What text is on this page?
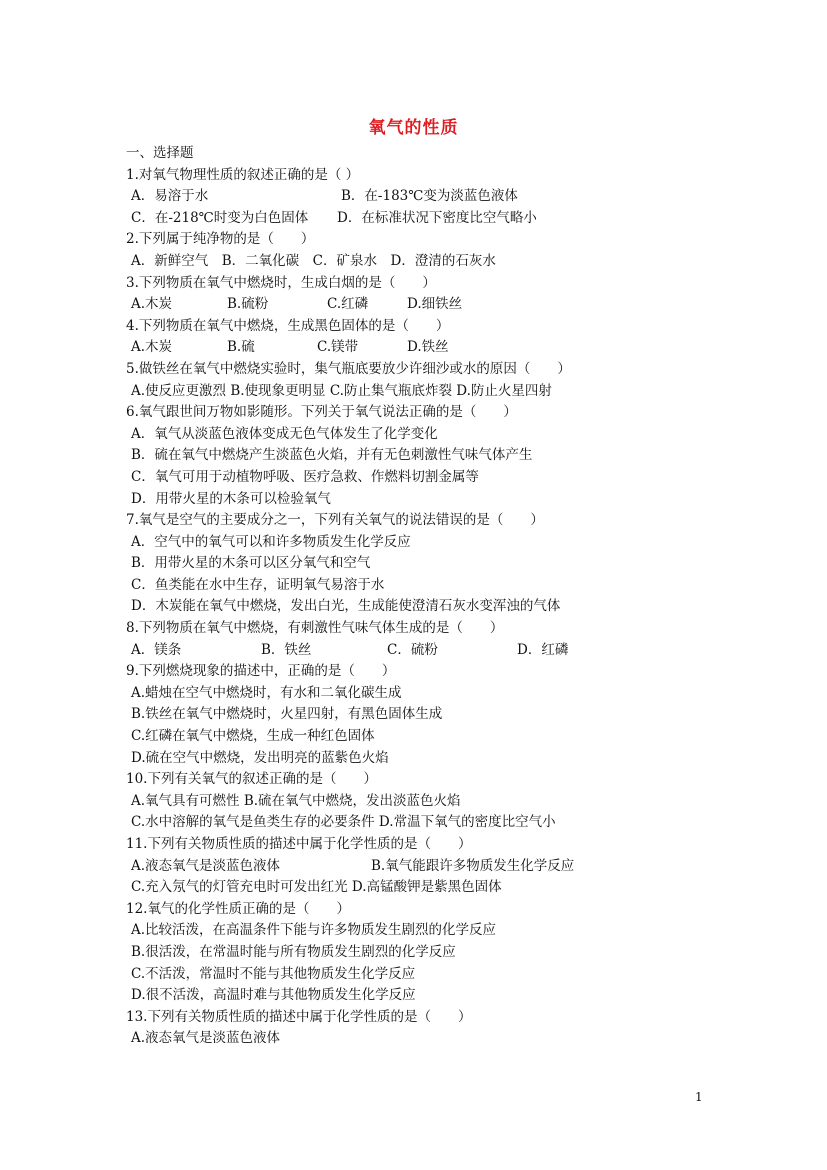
氧气的性质
一、选择题
1.对氧气物理性质的叙述正确的是（ ）
A．易溶于水	B．在-183℃变为淡蓝色液体
C．在-218℃时变为白色固体	D．在标准状况下密度比空气略小
2.下列属于纯净物的是（　　）
A．新鲜空气　B．二氧化碳　C．矿泉水　D．澄清的石灰水
3.下列物质在氧气中燃烧时，生成白烟的是（　　）
A.木炭	B.硫粉	C.红磷	D.细铁丝
4.下列物质在氧气中燃烧，生成黑色固体的是（　　）
A.木炭	B.硫	C.镁带	D.铁丝
5.做铁丝在氧气中燃烧实验时，集气瓶底要放少许细沙或水的原因（　　）
A.使反应更激烈 B.使现象更明显 C.防止集气瓶底炸裂 D.防止火星四射
6.氧气跟世间万物如影随形。下列关于氧气说法正确的是（　　）
A．氧气从淡蓝色液体变成无色气体发生了化学变化
B．硫在氧气中燃烧产生淡蓝色火焰，并有无色刺激性气味气体产生
C．氧气可用于动植物呼吸、医疗急救、作燃料切割金属等
D．用带火星的木条可以检验氧气
7.氧气是空气的主要成分之一，下列有关氧气的说法错误的是（　　）
A．空气中的氧气可以和许多物质发生化学反应
B．用带火星的木条可以区分氧气和空气
C．鱼类能在水中生存，证明氧气易溶于水
D．木炭能在氧气中燃烧，发出白光，生成能使澄清石灰水变浑浊的气体
8.下列物质在氧气中燃烧，有刺激性气味气体生成的是（　　）
A．镁条	B．铁丝	C．硫粉	D．红磷
9.下列燃烧现象的描述中，正确的是（　　）
A.蜡烛在空气中燃烧时，有水和二氧化碳生成
B.铁丝在氧气中燃烧时，火星四射，有黑色固体生成
C.红磷在氧气中燃烧，生成一种红色固体
D.硫在空气中燃烧，发出明亮的蓝紫色火焰
10.下列有关氧气的叙述正确的是（　　）
A.氧气具有可燃性 B.硫在氧气中燃烧，发出淡蓝色火焰
C.水中溶解的氧气是鱼类生存的必要条件 D.常温下氧气的密度比空气小
11.下列有关物质性质的描述中属于化学性质的是（　　）
A.液态氧气是淡蓝色液体	B.氧气能跟许多物质发生化学反应
C.充入氖气的灯管充电时可发出红光 D.高锰酸钾是紫黑色固体
12.氧气的化学性质正确的是（　　）
A.比较活泼，在高温条件下能与许多物质发生剧烈的化学反应
B.很活泼，在常温时能与所有物质发生剧烈的化学反应
C.不活泼，常温时不能与其他物质发生化学反应
D.很不活泼，高温时难与其他物质发生化学反应
13.下列有关物质性质的描述中属于化学性质的是（　　）
A.液态氧气是淡蓝色液体
1
